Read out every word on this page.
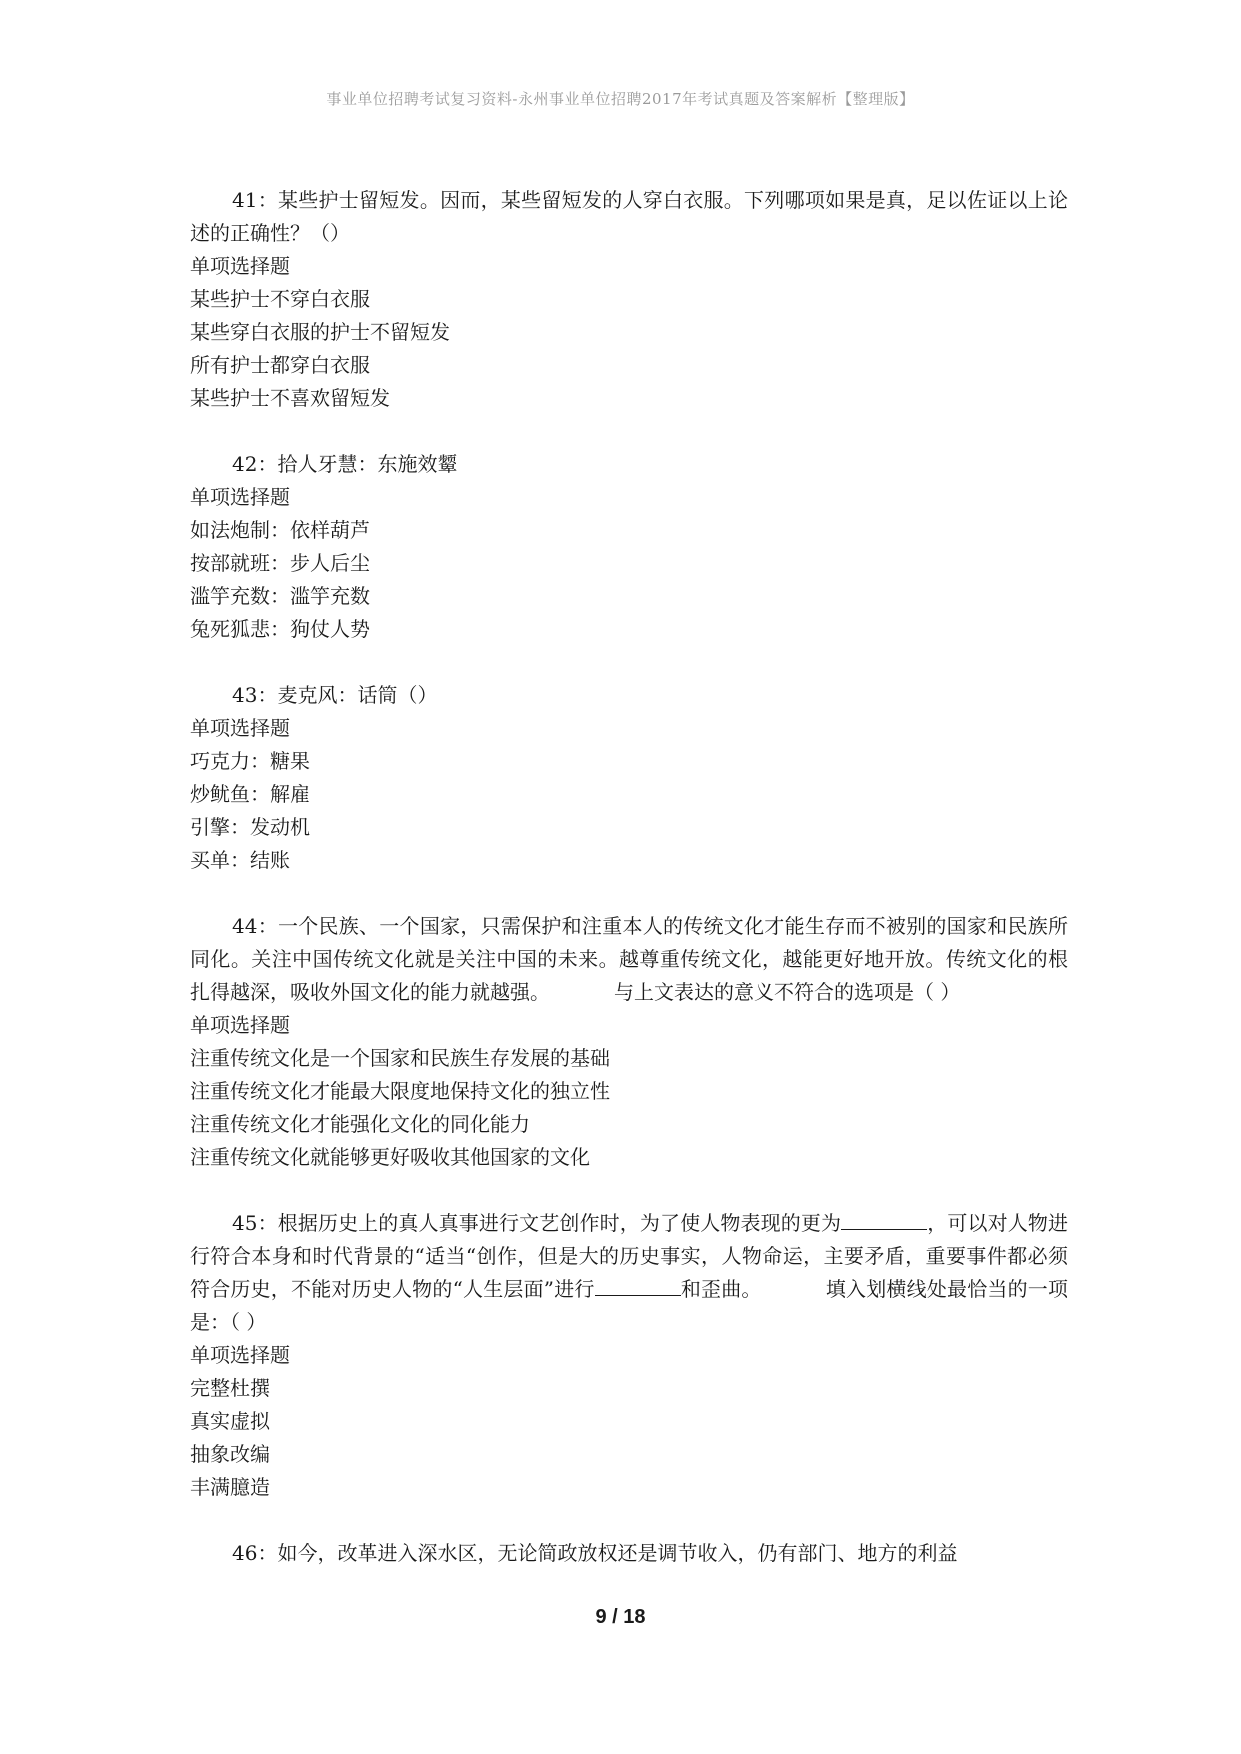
事业单位招聘考试复习资料-永州事业单位招聘2017年考试真题及答案解析【整理版】

41：某些护士留短发。因而，某些留短发的人穿白衣服。下列哪项如果是真，足以佐证以上论述的正确性？（）

单项选择题

某些护士不穿白衣服

某些穿白衣服的护士不留短发

所有护士都穿白衣服

某些护士不喜欢留短发

42：拾人牙慧：东施效颦

单项选择题

如法炮制：依样葫芦

按部就班：步人后尘

滥竽充数：滥竽充数

兔死狐悲：狗仗人势

43：麦克风：话筒（）

单项选择题

巧克力：糖果

炒鱿鱼：解雇

引擎：发动机

买单：结账

44：一个民族、一个国家，只需保护和注重本人的传统文化才能生存而不被别的国家和民族所同化。关注中国传统文化就是关注中国的未来。越尊重传统文化，越能更好地开放。传统文化的根扎得越深，吸收外国文化的能力就越强。	与上文表达的意义不符合的选项是（ ）

单项选择题

注重传统文化是一个国家和民族生存发展的基础

注重传统文化才能最大限度地保持文化的独立性

注重传统文化才能强化文化的同化能力

注重传统文化就能够更好吸收其他国家的文化

45：根据历史上的真人真事进行文艺创作时，为了使人物表现的更为	，可以对人物进行符合本身和时代背景的“适当“创作，但是大的历史事实，人物命运，主要矛盾，重要事件都必须符合历史，不能对历史人物的“人生层面”进行	和歪曲。	填入划横线处最恰当的一项是：（ ）

单项选择题

完整杜撰

真实虚拟

抽象改编

丰满臆造

46：如今，改革进入深水区，无论简政放权还是调节收入，仍有部门、地方的利益

9 / 18
